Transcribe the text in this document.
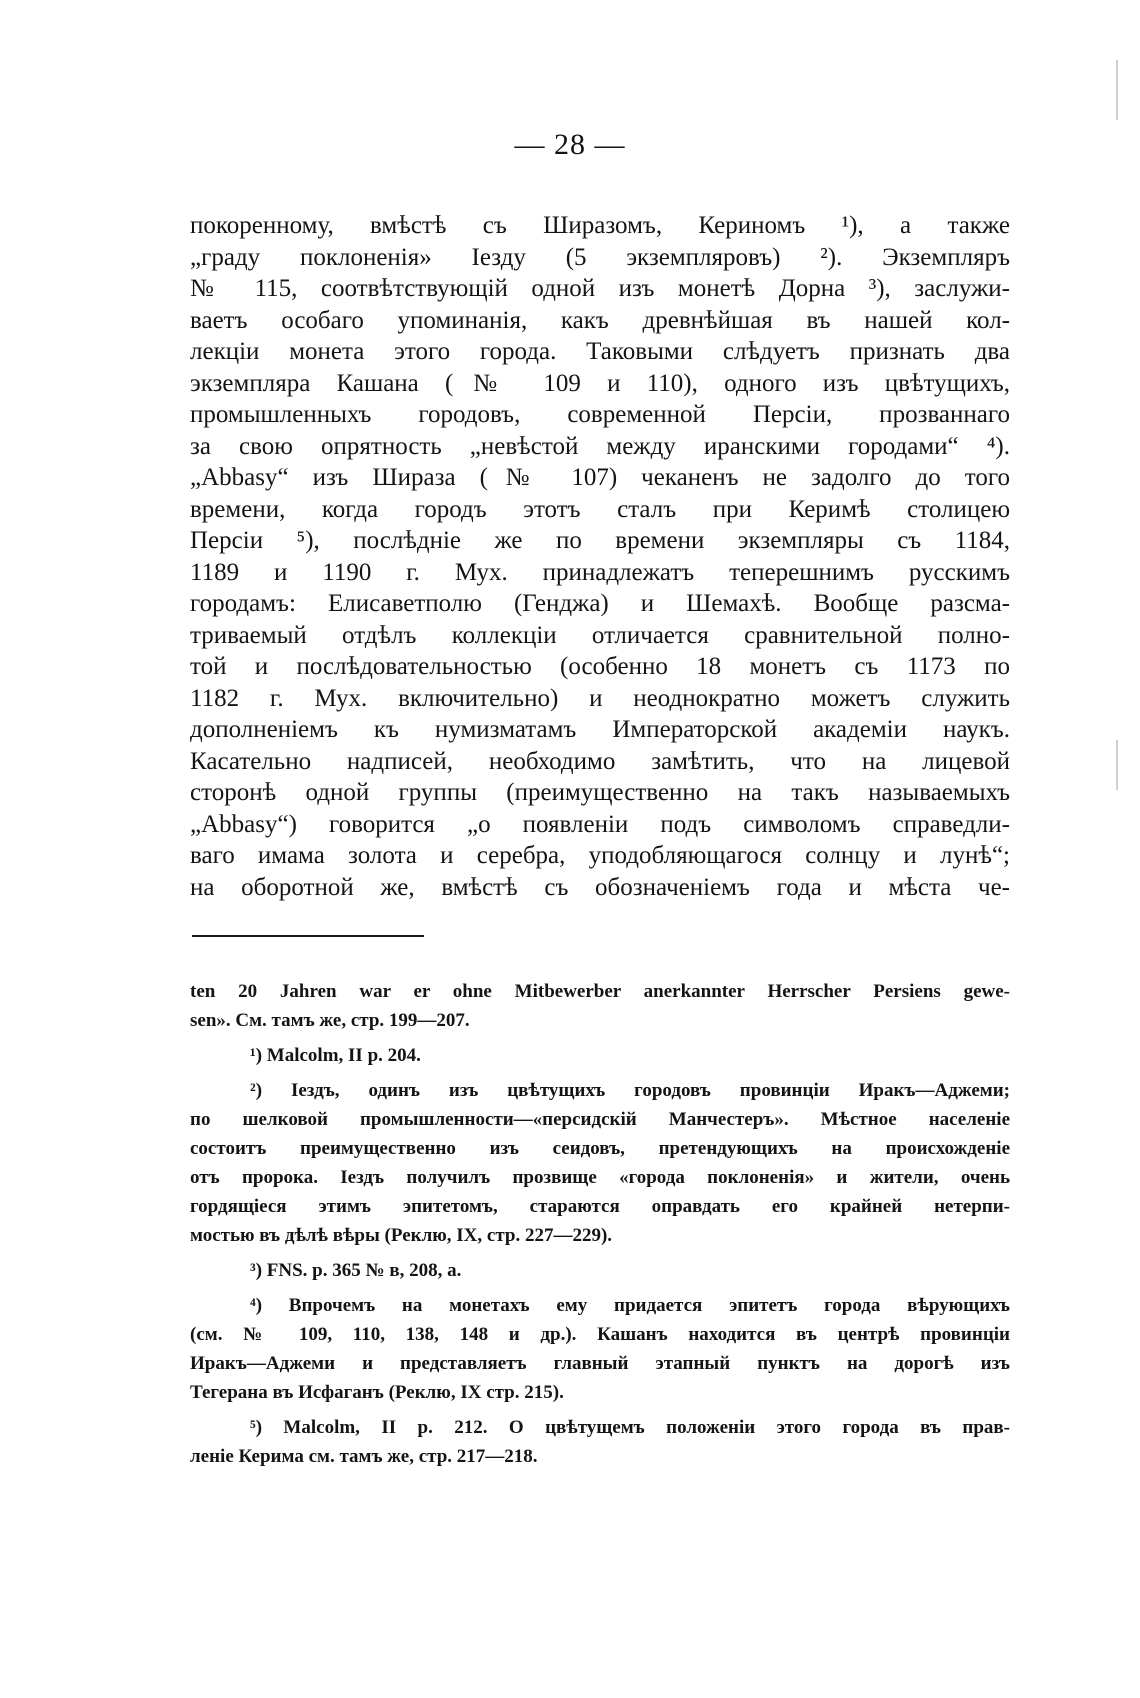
— 28 —
покоренному, вмѣстѣ съ Ширазомъ, Кериномъ ¹), а также
„граду поклоненія» Iезду (5 экземпляровъ) ²). Экземпляръ
№ 115, соотвѣтствующій одной изъ монетѣ Дорна ³), заслужи-
ваетъ особаго упоминанія, какъ древнѣйшая въ нашей кол-
лекціи монета этого города. Таковыми слѣдуетъ признать два
экземпляра Кашана (№ 109 и 110), одного изъ цвѣтущихъ,
промышленныхъ городовъ, современной Персіи, прозваннаго
за свою опрятность „невѣстой между иранскими городами“ ⁴).
„Abbasy“ изъ Шираза (№ 107) чеканенъ не задолго до того
времени, когда городъ этотъ сталъ при Керимѣ столицею
Персіи ⁵), послѣдніе же по времени экземпляры съ 1184,
1189 и 1190 г. Мух. принадлежатъ теперешнимъ русскимъ
городамъ: Елисаветполю (Генджа) и Шемахѣ. Вообще разсма-
триваемый отдѣлъ коллекціи отличается сравнительной полно-
той и послѣдовательностью (особенно 18 монетъ съ 1173 по
1182 г. Мух. включительно) и неоднократно можетъ служить
дополненіемъ къ нумизматамъ Императорской академіи наукъ.
Касательно надписей, необходимо замѣтить, что на лицевой
сторонѣ одной группы (преимущественно на такъ называемыхъ
„Abbasy“) говорится „о появленіи подъ символомъ справедли-
ваго имама золота и серебра, уподобляющагося солнцу и лунѣ“;
на оборотной же, вмѣстѣ съ обозначеніемъ года и мѣста че-
ten 20 Jahren war er ohne Mitbewerber anerkannter Herrscher Persiens gewe-
sen». См. тамъ же, стр. 199—207.
¹) Malcolm, II p. 204.
²) Iездъ, одинъ изъ цвѣтущихъ городовъ провинціи Иракъ—Аджеми;
по шелковой промышленности—«персидскій Манчестеръ». Мѣстное населеніе
состоитъ преимущественно изъ сеидовъ, претендующихъ на происхожденіе
отъ пророка. Iездъ получилъ прозвище «города поклоненія» и жители, очень
гордящіеся этимъ эпитетомъ, стараются оправдать его крайней нетерпи-
мостью въ дѣлѣ вѣры (Реклю, IX, стр. 227—229).
³) FNS. p. 365 № в, 208, а.
⁴) Впрочемъ на монетахъ ему придается эпитетъ города вѣрующихъ
(см. № 109, 110, 138, 148 и др.). Кашанъ находится въ центрѣ провинціи
Иракъ—Аджеми и представляетъ главный этапный пунктъ на дорогѣ изъ
Тегерана въ Исфаганъ (Реклю, IX стр. 215).
⁵) Malcolm, II p. 212. О цвѣтущемъ положеніи этого города въ прав-
леніе Керима см. тамъ же, стр. 217—218.
